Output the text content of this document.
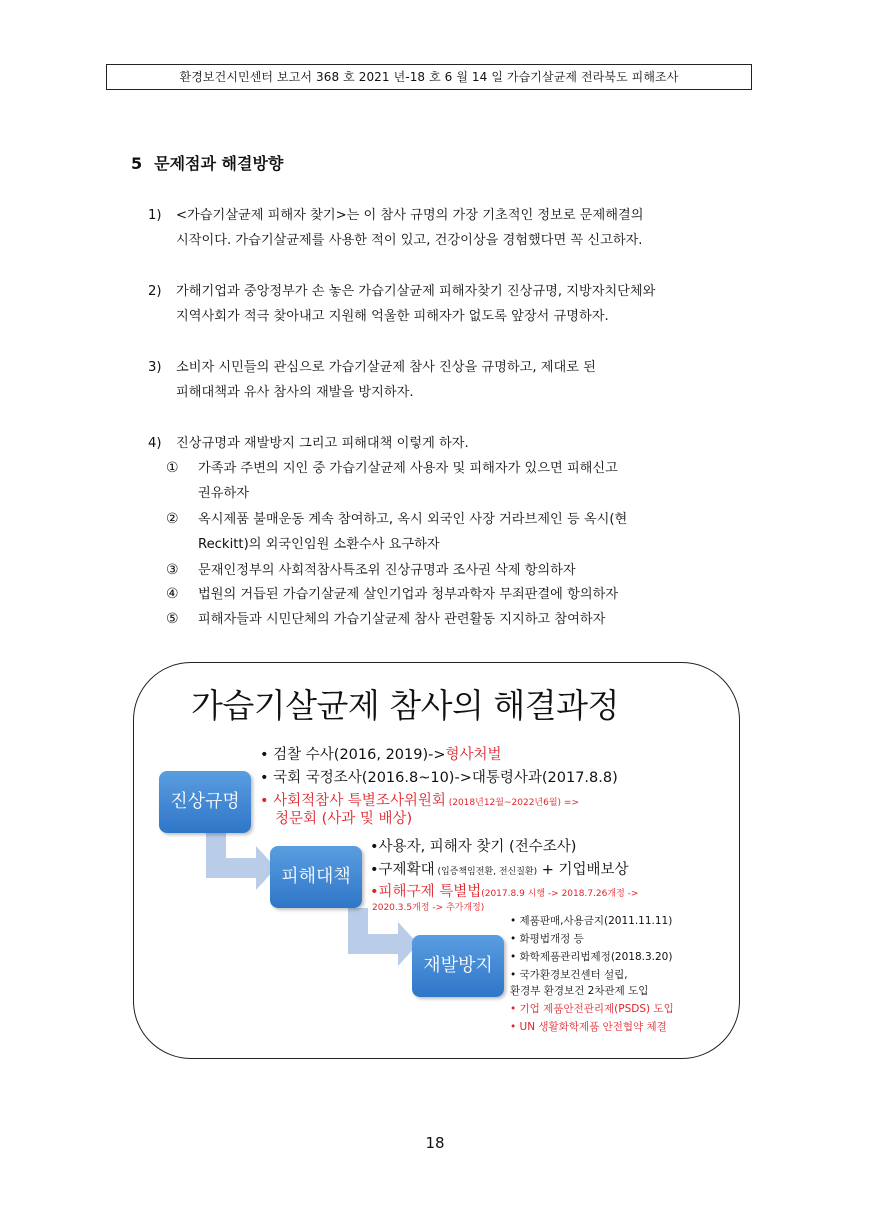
환경보건시민센터 보고서 368 호 2021 년-18 호 6 월 14 일 가습기살균제 전라북도 피해조사
5 문제점과 해결방향
1) <가습기살균제 피해자 찾기>는 이 참사 규명의 가장 기초적인 정보로 문제해결의
시작이다. 가습기살균제를 사용한 적이 있고, 건강이상을 경험했다면 꼭 신고하자.
2) 가해기업과 중앙정부가 손 놓은 가습기살균제 피해자찾기 진상규명, 지방자치단체와
지역사회가 적극 찾아내고 지원해 억울한 피해자가 없도록 앞장서 규명하자.
3) 소비자 시민들의 관심으로 가습기살균제 참사 진상을 규명하고, 제대로 된
피해대책과 유사 참사의 재발을 방지하자.
4) 진상규명과 재발방지 그리고 피해대책 이렇게 하자.
① 가족과 주변의 지인 중 가습기살균제 사용자 및 피해자가 있으면 피해신고
권유하자
② 옥시제품 불매운동 계속 참여하고, 옥시 외국인 사장 거라브제인 등 옥시(현
Reckitt)의 외국인임원 소환수사 요구하자
③ 문재인정부의 사회적참사특조위 진상규명과 조사권 삭제 항의하자
④ 법원의 거듭된 가습기살균제 살인기업과 청부과학자 무죄판결에 항의하자
⑤ 피해자들과 시민단체의 가습기살균제 참사 관련활동 지지하고 참여하자
가습기살균제 참사의 해결과정
진상규명
피해대책
재발방지
• 검찰 수사(2016, 2019)->형사처벌
• 국회 국정조사(2016.8~10)->대통령사과(2017.8.8)
• 사회적참사 특별조사위원회 (2018년12월~2022년6월) =>
청문회 (사과 및 배상)
•사용자, 피해자 찾기 (전수조사)
•구제확대 (입증책임전환, 전신질환) + 기업배보상
•피해구제 특별법(2017.8.9 시행 -> 2018.7.26개정 ->
2020.3.5개정 -> 추가개정)
• 제품판매,사용금지(2011.11.11)
• 화평법개정 등
• 화학제품관리법제정(2018.3.20)
• 국가환경보건센터 설립,
환경부 환경보건 2차관제 도입
• 기업 제품안전관리제(PSDS) 도입
• UN 생활화학제품 안전협약 체결
18
